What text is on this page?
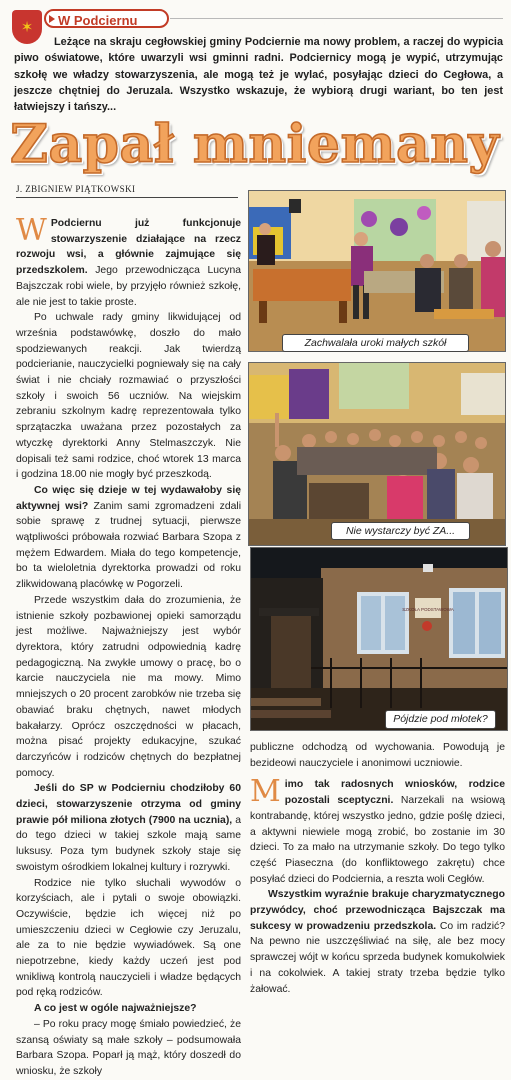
✶	W Podciernu
Leżące na skraju cegłowskiej gminy Podciernie ma nowy problem, a raczej do wypicia piwo oświatowe, które uwarzyli wsi gminni radni. Podciernicy mogą je wypić, utrzymując szkołę we władzy stowarzyszenia, ale mogą też je wylać, posyłając dzieci do Cegłowa, a jeszcze chętniej do Jeruzala. Wszystko wskazuje, że wybiorą drugi wariant, bo ten jest łatwiejszy i tańszy...
Zapał mniemany
J. ZBIGNIEW PIĄTKOWSKI

W Podciernu już funkcjonuje stowarzyszenie działające na rzecz rozwoju wsi, a głównie zajmujące się przedszkolem. Jego przewodnicząca Lucyna Bajszczak robi wiele, by przyjęło również szkołę, ale nie jest to takie proste.

Po uchwale rady gminy likwidującej od września podstawówkę, doszło do mało spodziewanych reakcji. Jak twierdzą podcierianie, nauczycielki pogniewały się na cały świat i nie chciały rozmawiać o przyszłości szkoły i swoich 56 uczniów. Na wiejskim zebraniu szkolnym kadrę reprezentowała tylko sprzątaczka uważana przez pozostałych za wtyczkę dyrektorki Anny Stelmaszczyk. Nie dopisali też sami rodzice, choć wtorek 13 marca i godzina 18.00 nie mogły być przeszkodą.

Co więc się dzieje w tej wydawałoby się aktywnej wsi? Zanim sami zgromadzeni zdali sobie sprawę z trudnej sytuacji, pierwsze wątpliwości próbowała rozwiać Barbara Szopa z mężem Edwardem. Miała do tego kompetencje, bo ta wieloletnia dyrektorka prowadzi od roku zlikwidowaną placówkę w Pogorzeli.

Przede wszystkim dała do zrozumienia, że istnienie szkoły pozbawionej opieki samorządu jest możliwe. Najważniejszy jest wybór dyrektora, który zatrudni odpowiednią kadrę pedagogiczną. Na zwykłe umowy o pracę, bo o karcie nauczyciela nie ma mowy. Mimo mniejszych o 20 procent zarobków nie trzeba się obawiać braku chętnych, nawet młodych bakałarzy. Oprócz oszczędności w płacach, można pisać projekty edukacyjne, szukać darczyńców i rodziców chętnych do bezpłatnej pomocy.

Jeśli do SP w Podcierniu chodziłoby 60 dzieci, stowarzyszenie otrzyma od gminy prawie pół miliona złotych (7900 na ucznia), a do tego dzieci w takiej szkole mają same luksusy. Poza tym budynek szkoły staje się swoistym ośrodkiem lokalnej kultury i rozrywki.

Rodzice nie tylko słuchali wywodów o korzyściach, ale i pytali o swoje obowiązki. Oczywiście, będzie ich więcej niż po umieszczeniu dzieci w Cegłowie czy Jeruzalu, ale za to nie będzie wywiadówek. Są one niepotrzebne, kiedy każdy uczeń jest pod wnikliwą kontrolą nauczycieli i władze będących pod ręką rodziców.

A co jest w ogóle najważniejsze?

– Po roku pracy mogę śmiało powiedzieć, że szansą oświaty są małe szkoły – podsumowała Barbara Szopa. Poparł ją mąż, który doszedł do wniosku, że szkoły

Zachwalała uroki małych szkół
Nie wystarczy być ZA...
SZKOŁA PODSTAWOWA
Pójdzie pod młotek?

publiczne odchodzą od wychowania. Powodują je bezideowi nauczyciele i anonimowi uczniowie.

Mimo tak radosnych wniosków, rodzice pozostali sceptyczni. Narzekali na wsiową kontrabandę, której wszystko jedno, gdzie poślę dzieci, a aktywni niewiele mogą zrobić, bo zostanie im 30 dzieci. To za mało na utrzymanie szkoły. Do tego tylko część Piaseczna (do konfliktowego zakrętu) chce posyłać dzieci do Podciernia, a reszta woli Cegłów.

Wszystkim wyraźnie brakuje charyzmatycznego przywódcy, choć przewodnicząca Bajszczak ma sukcesy w prowadzeniu przedszkola. Co im radzić? Na pewno nie uszczęśliwiać na siłę, ale bez mocy sprawczej wójt w końcu sprzeda budynek komukolwiek i na cokolwiek. A takiej straty trzeba będzie tylko żałować.
